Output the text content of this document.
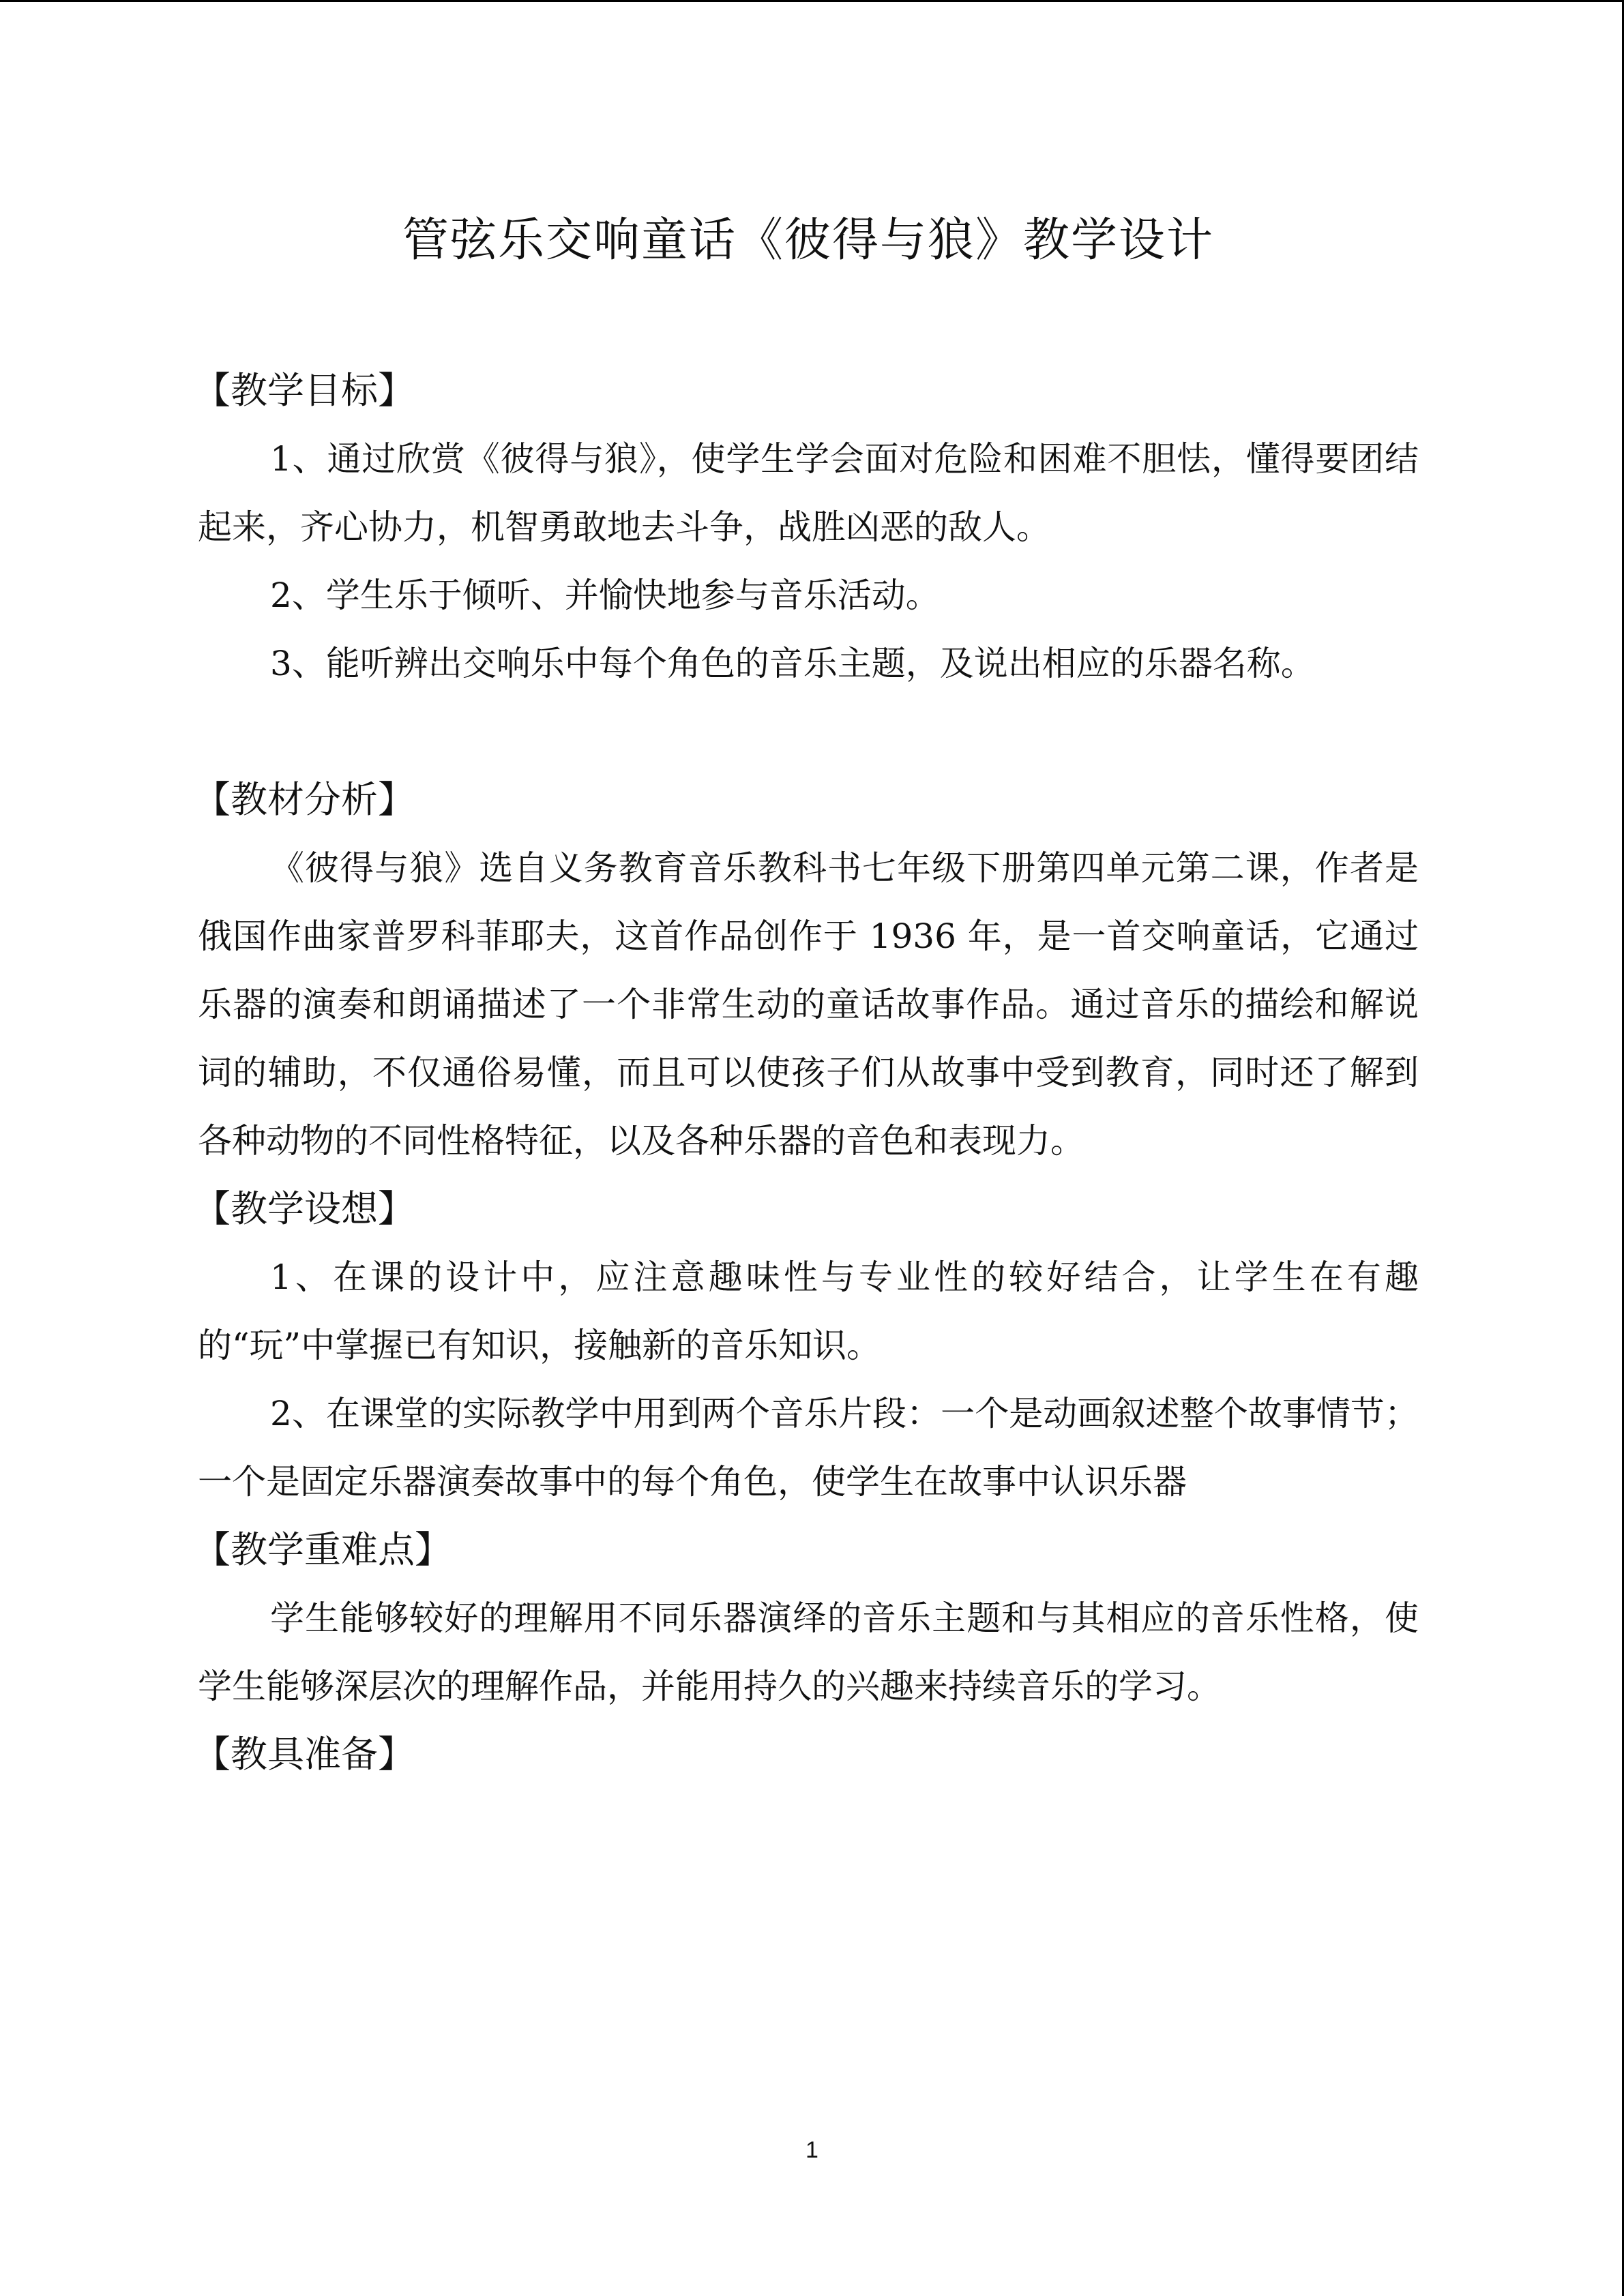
管弦乐交响童话《彼得与狼》教学设计
【教学目标】

1、通过欣赏《彼得与狼》，使学生学会面对危险和困难不胆怯，懂得要团结起来，齐心协力，机智勇敢地去斗争，战胜凶恶的敌人。

2、学生乐于倾听、并愉快地参与音乐活动。

3、能听辨出交响乐中每个角色的音乐主题，及说出相应的乐器名称。

【教材分析】

《彼得与狼》选自义务教育音乐教科书七年级下册第四单元第二课，作者是俄国作曲家普罗科菲耶夫，这首作品创作于 1936 年，是一首交响童话，它通过乐器的演奏和朗诵描述了一个非常生动的童话故事作品。通过音乐的描绘和解说词的辅助，不仅通俗易懂，而且可以使孩子们从故事中受到教育，同时还了解到各种动物的不同性格特征，以及各种乐器的音色和表现力。

【教学设想】

1、在课的设计中，应注意趣味性与专业性的较好结合，让学生在有趣的“玩”中掌握已有知识，接触新的音乐知识。

2、在课堂的实际教学中用到两个音乐片段：一个是动画叙述整个故事情节；一个是固定乐器演奏故事中的每个角色，使学生在故事中认识乐器

【教学重难点】

学生能够较好的理解用不同乐器演绎的音乐主题和与其相应的音乐性格，使学生能够深层次的理解作品，并能用持久的兴趣来持续音乐的学习。

【教具准备】
1
